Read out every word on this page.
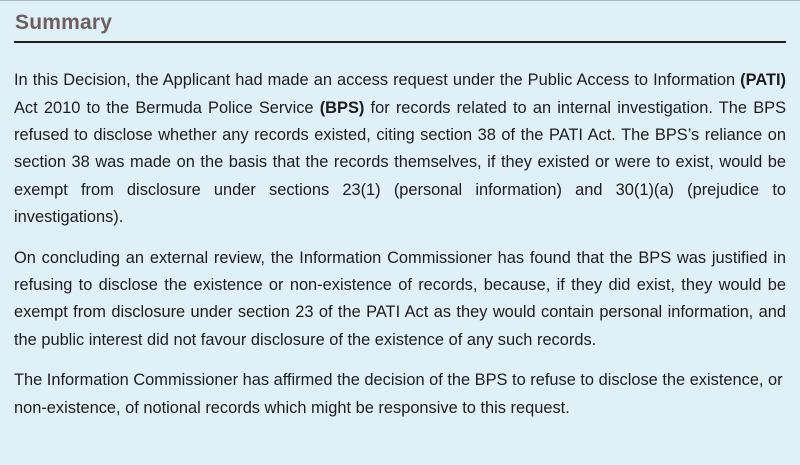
Summary

In this Decision, the Applicant had made an access request under the Public Access to Information (PATI) Act 2010 to the Bermuda Police Service (BPS) for records related to an internal investigation. The BPS refused to disclose whether any records existed, citing section 38 of the PATI Act. The BPS’s reliance on section 38 was made on the basis that the records themselves, if they existed or were to exist, would be exempt from disclosure under sections 23(1) (personal information) and 30(1)(a) (prejudice to investigations).

On concluding an external review, the Information Commissioner has found that the BPS was justified in refusing to disclose the existence or non-existence of records, because, if they did exist, they would be exempt from disclosure under section 23 of the PATI Act as they would contain personal information, and the public interest did not favour disclosure of the existence of any such records.

The Information Commissioner has affirmed the decision of the BPS to refuse to disclose the existence, or non-existence, of notional records which might be responsive to this request.
